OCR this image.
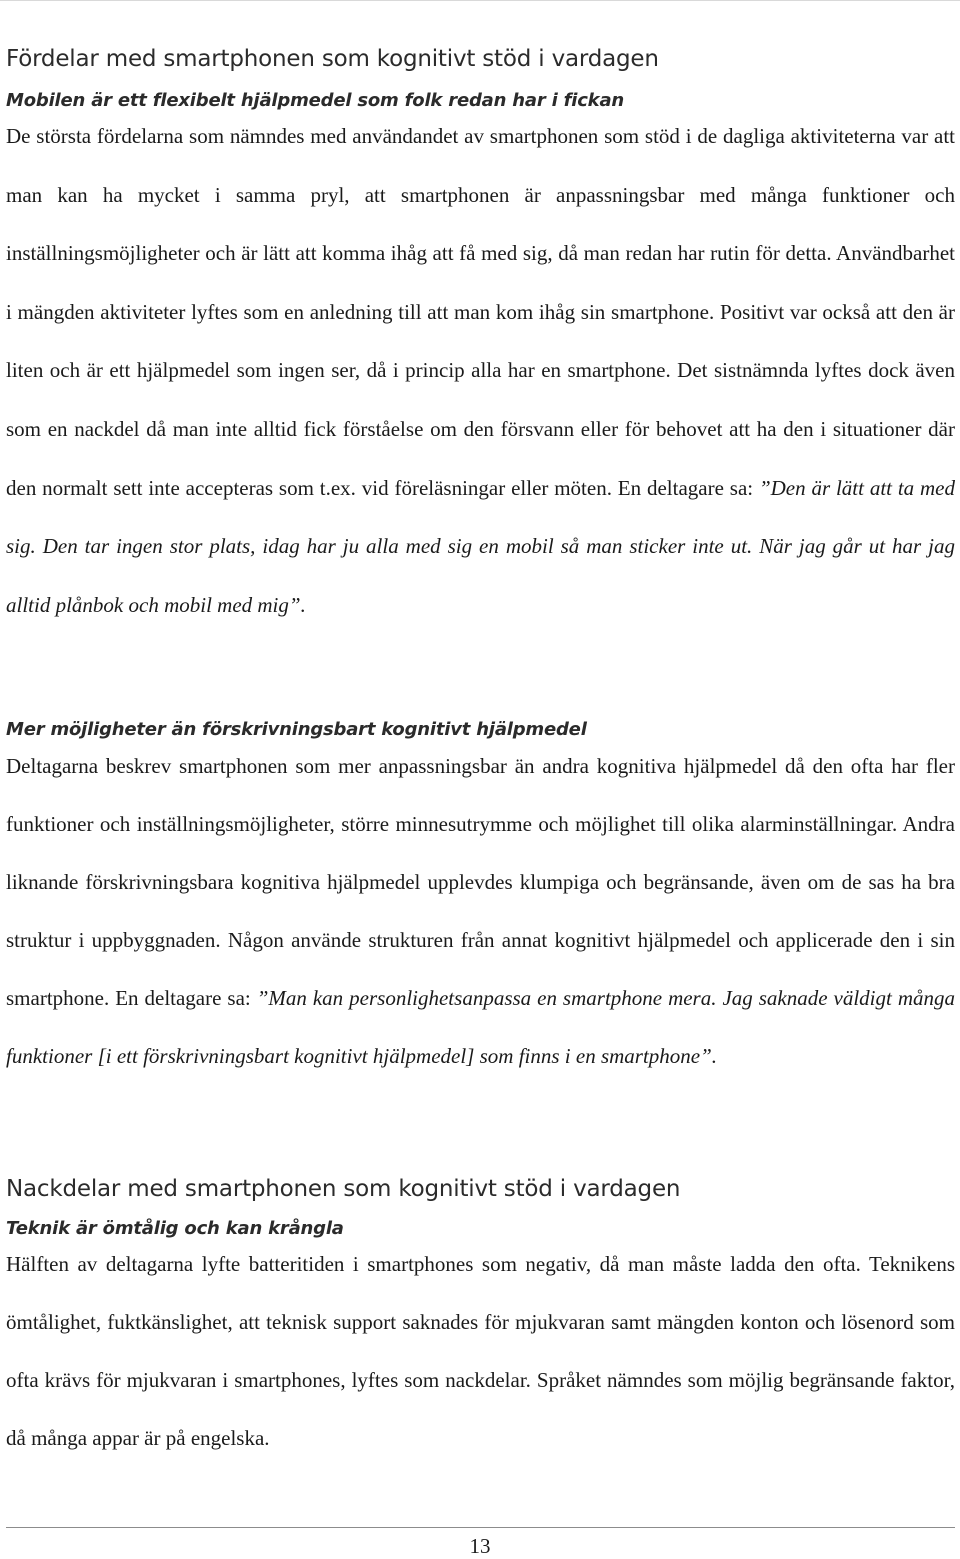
Fördelar med smartphonen som kognitivt stöd i vardagen
Mobilen är ett flexibelt hjälpmedel som folk redan har i fickan

De största fördelarna som nämndes med användandet av smartphonen som stöd i de dagliga aktiviteterna var att man kan ha mycket i samma pryl, att smartphonen är anpassningsbar med många funktioner och inställningsmöjligheter och är lätt att komma ihåg att få med sig, då man redan har rutin för detta. Användbarhet i mängden aktiviteter lyftes som en anledning till att man kom ihåg sin smartphone. Positivt var också att den är liten och är ett hjälpmedel som ingen ser, då i princip alla har en smartphone. Det sistnämnda lyftes dock även som en nackdel då man inte alltid fick förståelse om den försvann eller för behovet att ha den i situationer där den normalt sett inte accepteras som t.ex. vid föreläsningar eller möten. En deltagare sa: ”Den är lätt att ta med sig. Den tar ingen stor plats, idag har ju alla med sig en mobil så man sticker inte ut. När jag går ut har jag alltid plånbok och mobil med mig”.

Mer möjligheter än förskrivningsbart kognitivt hjälpmedel

Deltagarna beskrev smartphonen som mer anpassningsbar än andra kognitiva hjälpmedel då den ofta har fler funktioner och inställningsmöjligheter, större minnesutrymme och möjlighet till olika alarminställningar. Andra liknande förskrivningsbara kognitiva hjälpmedel upplevdes klumpiga och begränsande, även om de sas ha bra struktur i uppbyggnaden. Någon använde strukturen från annat kognitivt hjälpmedel och applicerade den i sin smartphone. En deltagare sa: ”Man kan personlighetsanpassa en smartphone mera. Jag saknade väldigt många funktioner [i ett förskrivningsbart kognitivt hjälpmedel] som finns i en smartphone”.

Nackdelar med smartphonen som kognitivt stöd i vardagen
Teknik är ömtålig och kan krångla

Hälften av deltagarna lyfte batteritiden i smartphones som negativ, då man måste ladda den ofta. Teknikens ömtålighet, fuktkänslighet, att teknisk support saknades för mjukvaran samt mängden konton och lösenord som ofta krävs för mjukvaran i smartphones, lyftes som nackdelar. Språket nämndes som möjlig begränsande faktor, då många appar är på engelska.

13
